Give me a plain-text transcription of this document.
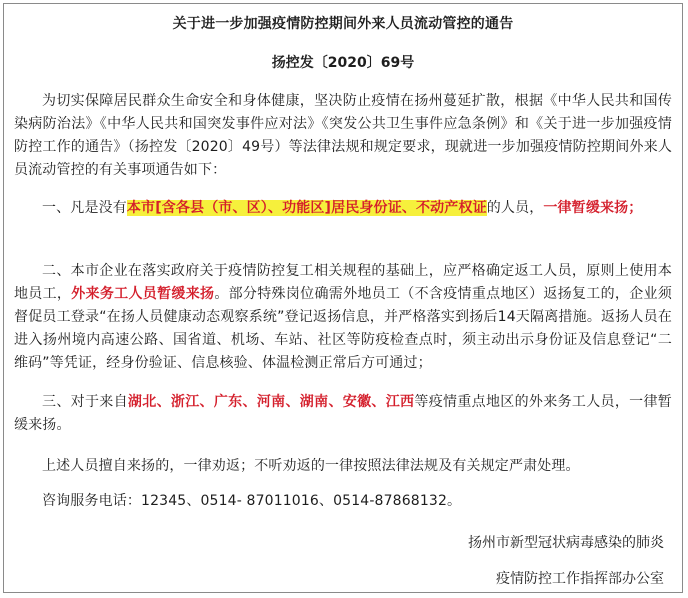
关于进一步加强疫情防控期间外来人员流动管控的通告
扬控发〔2020〕69号

为切实保障居民群众生命安全和身体健康，坚决防止疫情在扬州蔓延扩散，根据《中华人民共和国传染病防治法》《中华人民共和国突发事件应对法》《突发公共卫生事件应急条例》和《关于进一步加强疫情防控工作的通告》（扬控发〔2020〕49号）等法律法规和规定要求，现就进一步加强疫情防控期间外来人员流动管控的有关事项通告如下：

一、凡是没有本市[含各县（市、区）、功能区]居民身份证、不动产权证的人员，一律暂缓来扬；

二、本市企业在落实政府关于疫情防控复工相关规程的基础上，应严格确定返工人员，原则上使用本地员工，外来务工人员暂缓来扬。部分特殊岗位确需外地员工（不含疫情重点地区）返扬复工的，企业须督促员工登录“在扬人员健康动态观察系统”登记返扬信息，并严格落实到扬后14天隔离措施。返扬人员在进入扬州境内高速公路、国省道、机场、车站、社区等防疫检查点时，须主动出示身份证及信息登记“二维码”等凭证，经身份验证、信息核验、体温检测正常后方可通过；

三、对于来自湖北、浙江、广东、河南、湖南、安徽、江西等疫情重点地区的外来务工人员，一律暂缓来扬。

上述人员擅自来扬的，一律劝返；不听劝返的一律按照法律法规及有关规定严肃处理。

咨询服务电话：12345、0514- 87011016、0514-87868132。

扬州市新型冠状病毒感染的肺炎
疫情防控工作指挥部办公室
